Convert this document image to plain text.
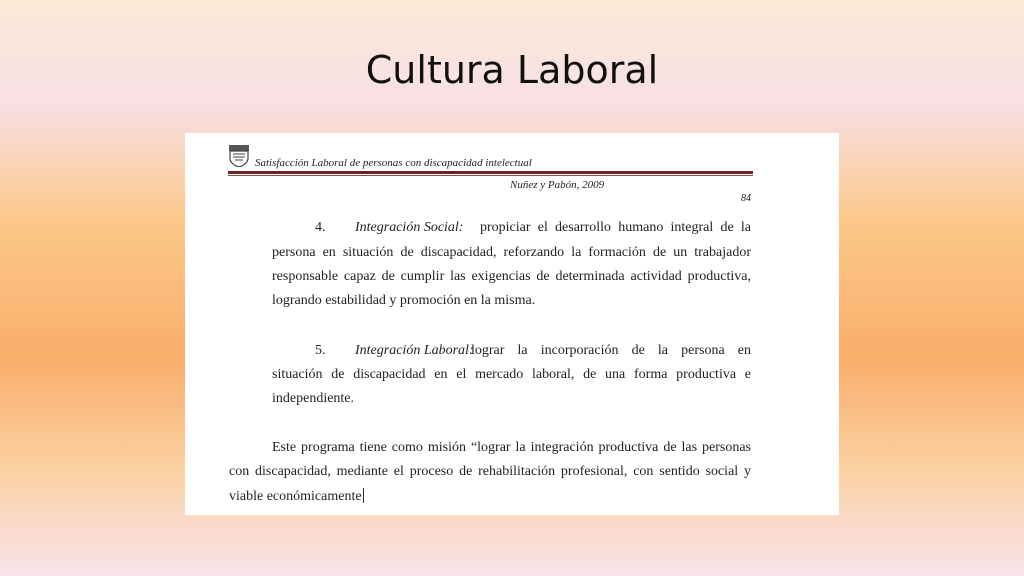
Cultura Laboral
Satisfacción Laboral de personas con discapacidad intelectual
Nuñez y Pabón, 2009
84
4. Integración Social: propiciar el desarrollo humano integral de la
persona en situación de discapacidad, reforzando la formación de un trabajador
responsable capaz de cumplir las exigencias de determinada actividad productiva,
logrando estabilidad y promoción en la misma.
5. Integración Laboral:
lograr la incorporación de la persona en
situación de discapacidad en el mercado laboral, de una forma productiva e
independiente.
Este programa tiene como misión “lograr la integración productiva de las personas
con discapacidad, mediante el proceso de rehabilitación profesional, con sentido social y
viable económicamente
